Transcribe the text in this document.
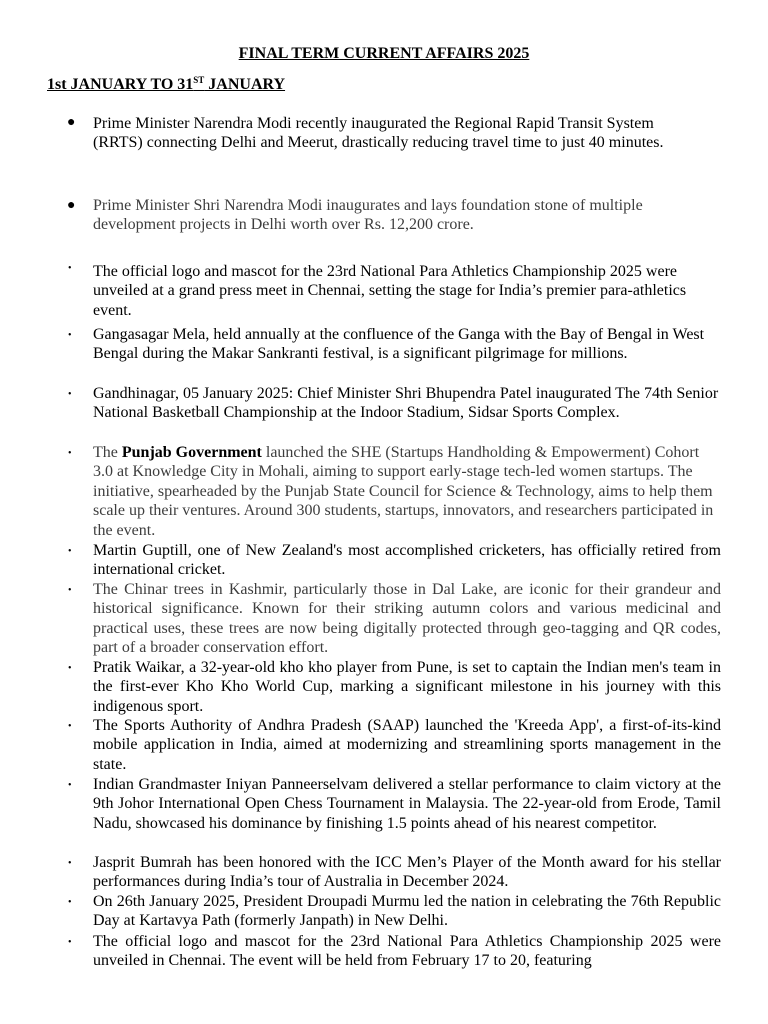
FINAL TERM CURRENT AFFAIRS 2025
1st JANUARY TO 31ST JANUARY
● Prime Minister Narendra Modi recently inaugurated the Regional Rapid Transit System (RRTS) connecting Delhi and Meerut, drastically reducing travel time to just 40 minutes.
● Prime Minister Shri Narendra Modi inaugurates and lays foundation stone of multiple development projects in Delhi worth over Rs. 12,200 crore.
• The official logo and mascot for the 23rd National Para Athletics Championship 2025 were unveiled at a grand press meet in Chennai, setting the stage for India’s premier para-athletics event.
• Gangasagar Mela, held annually at the confluence of the Ganga with the Bay of Bengal in West Bengal during the Makar Sankranti festival, is a significant pilgrimage for millions.
• Gandhinagar, 05 January 2025: Chief Minister Shri Bhupendra Patel inaugurated The 74th Senior National Basketball Championship at the Indoor Stadium, Sidsar Sports Complex.
• The Punjab Government launched the SHE (Startups Handholding & Empowerment) Cohort 3.0 at Knowledge City in Mohali, aiming to support early-stage tech-led women startups. The initiative, spearheaded by the Punjab State Council for Science & Technology, aims to help them scale up their ventures. Around 300 students, startups, innovators, and researchers participated in the event.
• Martin Guptill, one of New Zealand's most accomplished cricketers, has officially retired from international cricket.
• The Chinar trees in Kashmir, particularly those in Dal Lake, are iconic for their grandeur and historical significance. Known for their striking autumn colors and various medicinal and practical uses, these trees are now being digitally protected through geo-tagging and QR codes, part of a broader conservation effort.
• Pratik Waikar, a 32-year-old kho kho player from Pune, is set to captain the Indian men's team in the first-ever Kho Kho World Cup, marking a significant milestone in his journey with this indigenous sport.
• The Sports Authority of Andhra Pradesh (SAAP) launched the 'Kreeda App', a first-of-its-kind mobile application in India, aimed at modernizing and streamlining sports management in the state.
• Indian Grandmaster Iniyan Panneerselvam delivered a stellar performance to claim victory at the 9th Johor International Open Chess Tournament in Malaysia. The 22-year-old from Erode, Tamil Nadu, showcased his dominance by finishing 1.5 points ahead of his nearest competitor.
• Jasprit Bumrah has been honored with the ICC Men’s Player of the Month award for his stellar performances during India’s tour of Australia in December 2024.
• On 26th January 2025, President Droupadi Murmu led the nation in celebrating the 76th Republic Day at Kartavya Path (formerly Janpath) in New Delhi.
• The official logo and mascot for the 23rd National Para Athletics Championship 2025 were unveiled in Chennai. The event will be held from February 17 to 20, featuring
